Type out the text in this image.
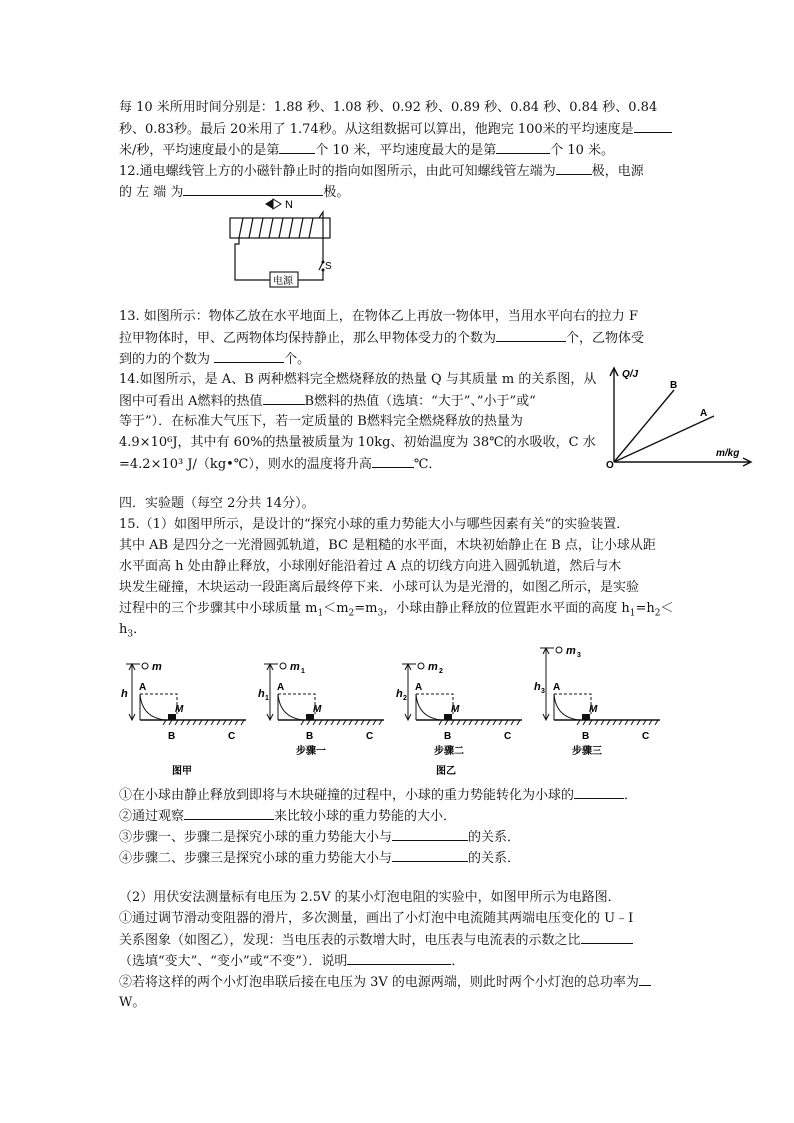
每 10 米所用时间分别是：1.88 秒、1.08 秒、0.92 秒、0.89 秒、0.84 秒、0.84 秒、0.84
秒、0.83秒。最后 20米用了 1.74秒。从这组数据可以算出，他跑完 100米的平均速度是
米/秒，平均速度最小的是第	个 10 米，平均速度最大的是第	个 10 米。
12.通电螺线管上方的小磁针静止时的指向如图所示，由此可知螺线管左端为	极，电源
的 左 端 为	极。
N
S
电源
13. 如图所示：物体乙放在水平地面上，在物体乙上再放一物体甲，当用水平向右的拉力 F
拉甲物体时，甲、乙两物体均保持静止，那么甲物体受力的个数为	个，乙物体受
到的力的个数为	个。
14.如图所示，是 A、B 两种燃料完全燃烧释放的热量 Q 与其质量 m 的关系图，从
图中可看出 A燃料的热值	B燃料的热值（选填：“大于”、”小于”或“
等于”）．在标准大气压下，若一定质量的 B燃料完全燃烧释放的热量为
4.9×10⁶J，其中有 60%的热量被质量为 10kg、初始温度为 38℃的水吸收，C 水
=4.2×10³ J/（kg•℃），则水的温度将升高	℃．
Q/J
m/kg
O
B
A
四．实验题（每空 2分共 14分）。
15.（1）如图甲所示，是设计的“探究小球的重力势能大小与哪些因素有关“的实验装置．
其中 AB 是四分之一光滑圆弧轨道，BC 是粗糙的水平面，木块初始静止在 B 点，让小球从距
水平面高 h 处由静止释放，小球刚好能沿着过 A 点的切线方向进入圆弧轨道，然后与木
块发生碰撞，木块运动一段距离后最终停下来．小球可认为是光滑的，如图乙所示，是实验
过程中的三个步骤其中小球质量 $m_1<m_2=m_3$，小球由静止释放的位置距水平面的高度 $h_1=h_2<$
$h_3$．
m
h
A
M
B	C
图甲
m 1
h 1
A
M
B	C
步骤一
m 2
h 2
A
M
B	C
步骤二
图乙
m 3
h 3 A
M
B	C
步骤三
①在小球由静止释放到即将与木块碰撞的过程中，小球的重力势能转化为小球的	．
②通过观察	来比较小球的重力势能的大小．
③步骤一、步骤二是探究小球的重力势能大小与	的关系．
④步骤二、步骤三是探究小球的重力势能大小与	的关系．
（2）用伏安法测量标有电压为 2.5V 的某小灯泡电阻的实验中，如图甲所示为电路图．
①通过调节滑动变阻器的滑片，多次测量，画出了小灯泡中电流随其两端电压变化的 U﹣I
关系图象（如图乙），发现：当电压表的示数增大时，电压表与电流表的示数之比
（选填“变大”、“变小”或“不变”）．说明	．
②若将这样的两个小灯泡串联后接在电压为 3V 的电源两端，则此时两个小灯泡的总功率为
W。
